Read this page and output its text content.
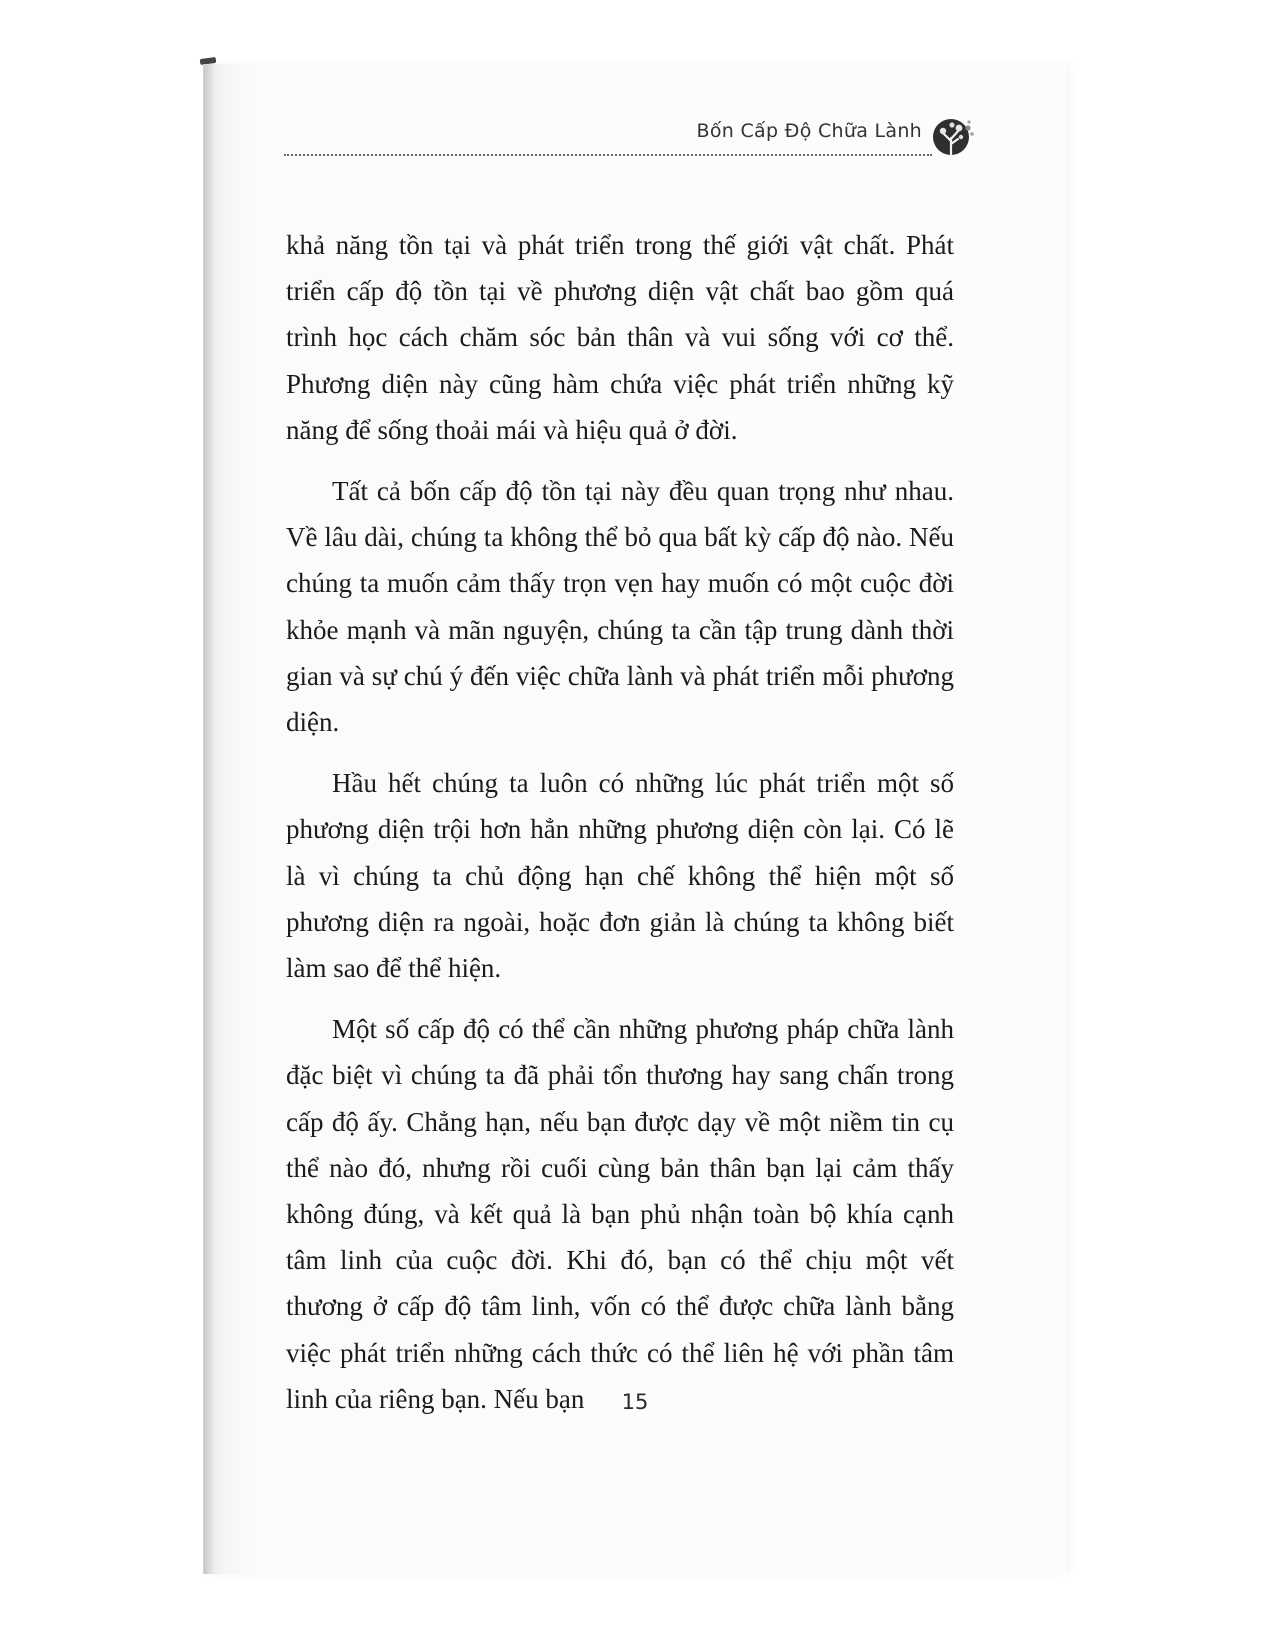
Bốn Cấp Độ Chữa Lành

khả năng tồn tại và phát triển trong thế giới vật chất. Phát triển cấp độ tồn tại về phương diện vật chất bao gồm quá trình học cách chăm sóc bản thân và vui sống với cơ thể. Phương diện này cũng hàm chứa việc phát triển những kỹ năng để sống thoải mái và hiệu quả ở đời.

Tất cả bốn cấp độ tồn tại này đều quan trọng như nhau. Về lâu dài, chúng ta không thể bỏ qua bất kỳ cấp độ nào. Nếu chúng ta muốn cảm thấy trọn vẹn hay muốn có một cuộc đời khỏe mạnh và mãn nguyện, chúng ta cần tập trung dành thời gian và sự chú ý đến việc chữa lành và phát triển mỗi phương diện.

Hầu hết chúng ta luôn có những lúc phát triển một số phương diện trội hơn hẳn những phương diện còn lại. Có lẽ là vì chúng ta chủ động hạn chế không thể hiện một số phương diện ra ngoài, hoặc đơn giản là chúng ta không biết làm sao để thể hiện.

Một số cấp độ có thể cần những phương pháp chữa lành đặc biệt vì chúng ta đã phải tổn thương hay sang chấn trong cấp độ ấy. Chẳng hạn, nếu bạn được dạy về một niềm tin cụ thể nào đó, nhưng rồi cuối cùng bản thân bạn lại cảm thấy không đúng, và kết quả là bạn phủ nhận toàn bộ khía cạnh tâm linh của cuộc đời. Khi đó, bạn có thể chịu một vết thương ở cấp độ tâm linh, vốn có thể được chữa lành bằng việc phát triển những cách thức có thể liên hệ với phần tâm linh của riêng bạn. Nếu bạn	15
